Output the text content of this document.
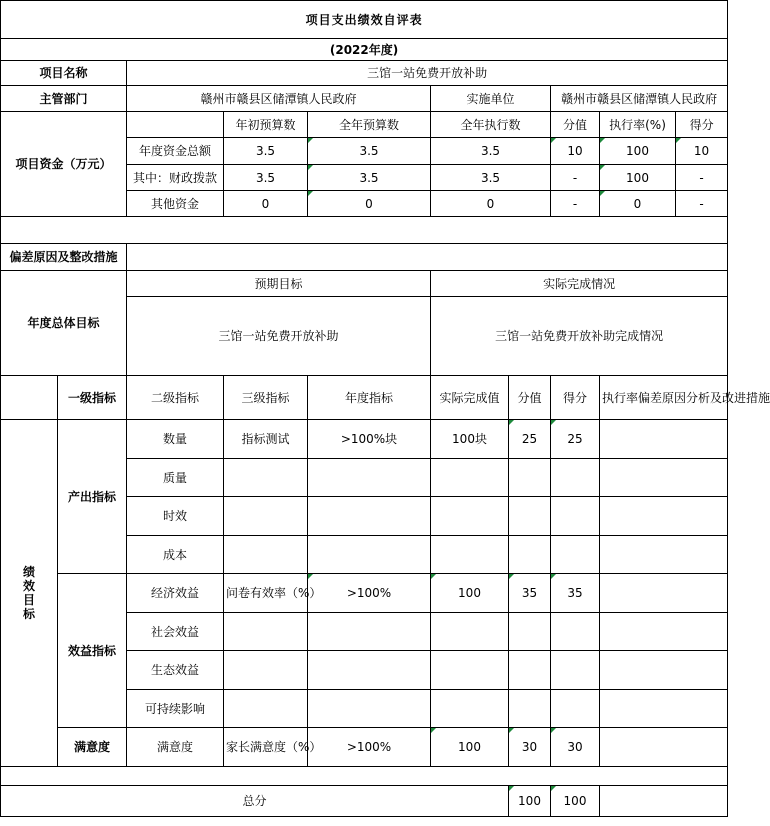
项目支出绩效自评表									
(2022年度)									
项目名称		三馆一站免费开放补助							
主管部门		赣州市赣县区储潭镇人民政府			实施单位		赣州市赣县区储潭镇人民政府		
项目资金（万元）			年初预算数	全年预算数	全年执行数		分值	执行率(%)	得分
		年度资金总额	3.5	3.5	3.5		10	100	10
		其中：财政拨款	3.5	3.5	3.5		-	100	-
		其他资金	0	0	0		-	0	-

偏差原因及整改措施									
年度总体目标		预期目标			实际完成情况				
		三馆一站免费开放补助			三馆一站免费开放补助完成情况				
	一级指标	二级指标	三级指标	年度指标	实际完成值	分值	得分	执行率偏差原因分析及改进措施	
绩效目标	产出指标	数量	指标测试	>100%块	100块	25	25		
		质量							
		时效							
		成本							
	效益指标	经济效益	问卷有效率（%）	>100%	100	35	35		
		社会效益							
		生态效益							
		可持续影响							
	满意度	满意度	家长满意度（%）	>100%	100	30	30		

总分						100	100		
